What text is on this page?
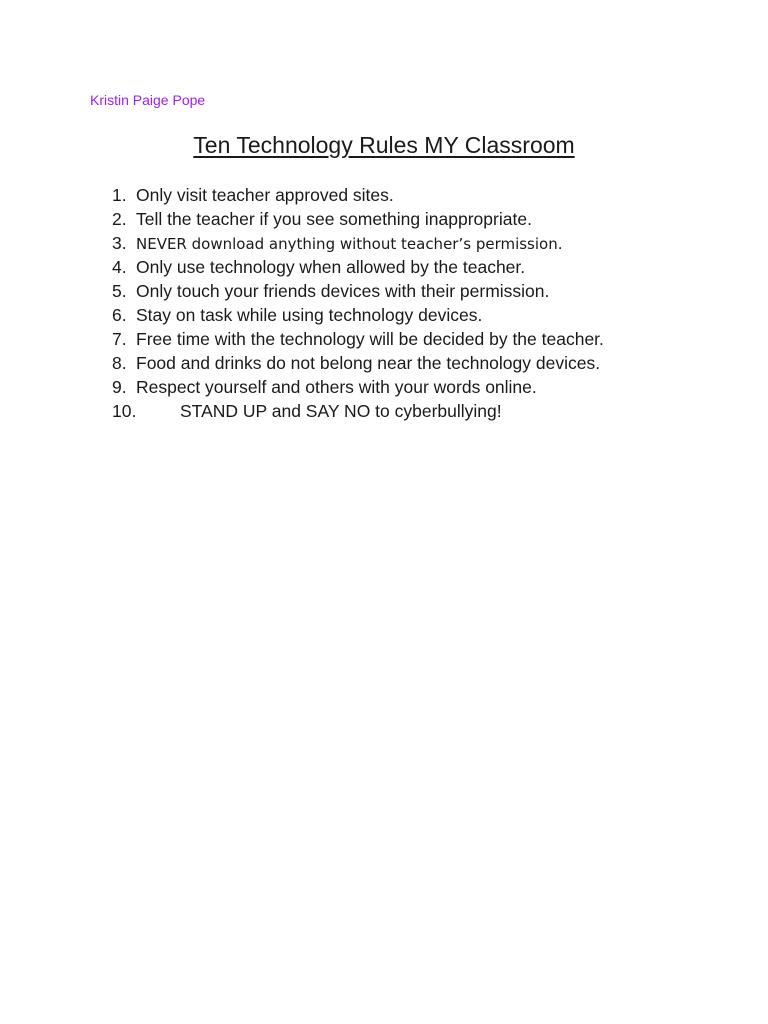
Kristin Paige Pope
Ten Technology Rules MY Classroom
1. Only visit teacher approved sites.
2. Tell the teacher if you see something inappropriate.
3. NEVER download anything without teacher’s permission.
4. Only use technology when allowed by the teacher.
5. Only touch your friends devices with their permission.
6. Stay on task while using technology devices.
7. Free time with the technology will be decided by the teacher.
8. Food and drinks do not belong near the technology devices.
9. Respect yourself and others with your words online.
10.	STAND UP and SAY NO to cyberbullying!
